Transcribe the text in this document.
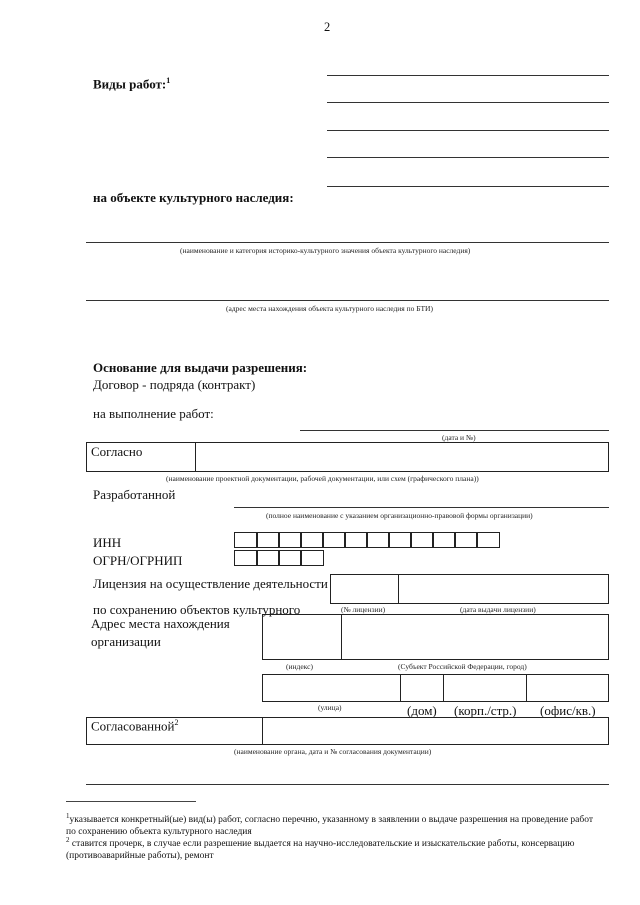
2
Виды работ:$^1$
на объекте культурного наследия:
(наименование и категория историко-культурного значения объекта культурного наследия)
(адрес места нахождения объекта культурного наследия по БТИ)
Основание для выдачи разрешения:
Договор - подряда (контракт)
на выполнение работ:
(дата и №)
Согласно
(наименование проектной документации, рабочей документации, или схем (графического плана))
Разработанной
(полное наименование с указанием организационно-правовой формы организации)
ИНН
ОГРН/ОГРНИП
Лицензия на осуществление деятельности
по сохранению объектов культурного	(№ лицензии)	(дата выдачи лицензии)
Адрес места нахождения
организации
(индекс)	(Субъект Российской Федерации, город)
(улица)	(дом) (корп./стр.) (офис/кв.)
Согласованной$^2$
(наименование органа, дата и № согласования документации)
$^1$указывается конкретный(ые) вид(ы) работ, согласно перечню, указанному в заявлении о выдаче разрешения на проведение работ по сохранению объекта культурного наследия
$^2$ ставится прочерк, в случае если разрешение выдается на научно-исследовательские и изыскательские работы, консервацию (противоаварийные работы), ремонт
